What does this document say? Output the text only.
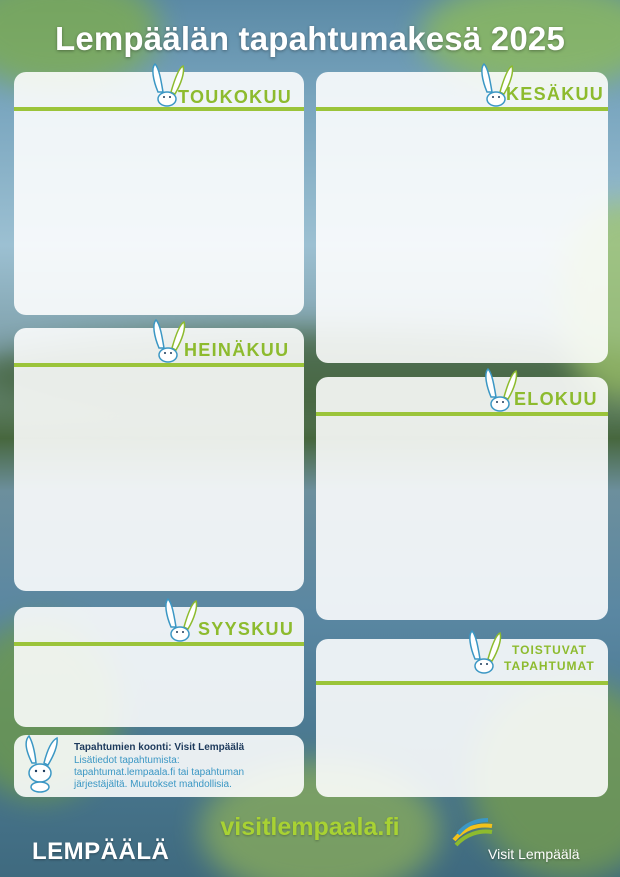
Lempäälän tapahtumakesä 2025
TOUKOKUU	KESÄKUU
HEINÄKUU
ELOKUU
SYYSKUU
TOISTUVAT
TAPAHTUMAT
Tapahtumien koonti: Visit Lempäälä
Lisätiedot tapahtumista:
tapahtumat.lempaala.fi tai tapahtuman
järjestäjältä. Muutokset mahdollisia.
visitlempaala.fi
LEMPÄÄLÄ	Visit Lempäälä
